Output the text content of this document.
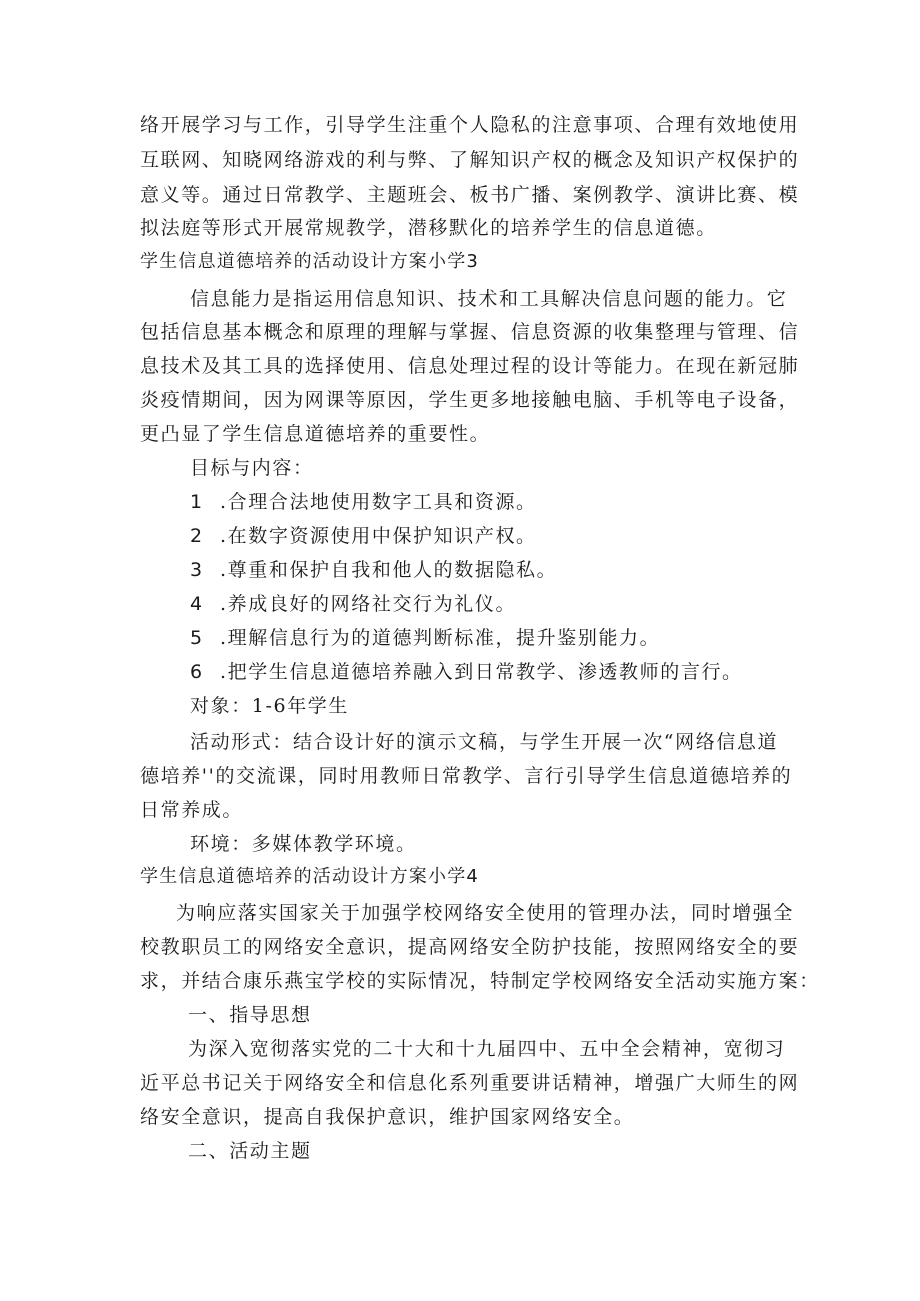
络开展学习与工作，引导学生注重个人隐私的注意事项、合理有效地使用
互联网、知晓网络游戏的利与弊、了解知识产权的概念及知识产权保护的
意义等。通过日常教学、主题班会、板书广播、案例教学、演讲比赛、模
拟法庭等形式开展常规教学，潜移默化的培养学生的信息道德。
学生信息道德培养的活动设计方案小学3
信息能力是指运用信息知识、技术和工具解决信息问题的能力。它
包括信息基本概念和原理的理解与掌握、信息资源的收集整理与管理、信
息技术及其工具的选择使用、信息处理过程的设计等能力。在现在新冠肺
炎疫情期间，因为网课等原因，学生更多地接触电脑、手机等电子设备，
更凸显了学生信息道德培养的重要性。
目标与内容：
1 .合理合法地使用数字工具和资源。
2 .在数字资源使用中保护知识产权。
3 .尊重和保护自我和他人的数据隐私。
4 .养成良好的网络社交行为礼仪。
5 .理解信息行为的道德判断标准，提升鉴别能力。
6 .把学生信息道德培养融入到日常教学、渗透教师的言行。
对象：1-6年学生
活动形式：结合设计好的演示文稿，与学生开展一次“网络信息道
德培养''的交流课，同时用教师日常教学、言行引导学生信息道德培养的
日常养成。
环境：多媒体教学环境。
学生信息道德培养的活动设计方案小学4
为响应落实国家关于加强学校网络安全使用的管理办法，同时增强全
校教职员工的网络安全意识，提高网络安全防护技能，按照网络安全的要
求，并结合康乐燕宝学校的实际情况，特制定学校网络安全活动实施方案：
一、指导思想
为深入宽彻落实党的二十大和十九届四中、五中全会精神，宽彻习
近平总书记关于网络安全和信息化系列重要讲话精神，增强广大师生的网
络安全意识，提高自我保护意识，维护国家网络安全。
二、活动主题
